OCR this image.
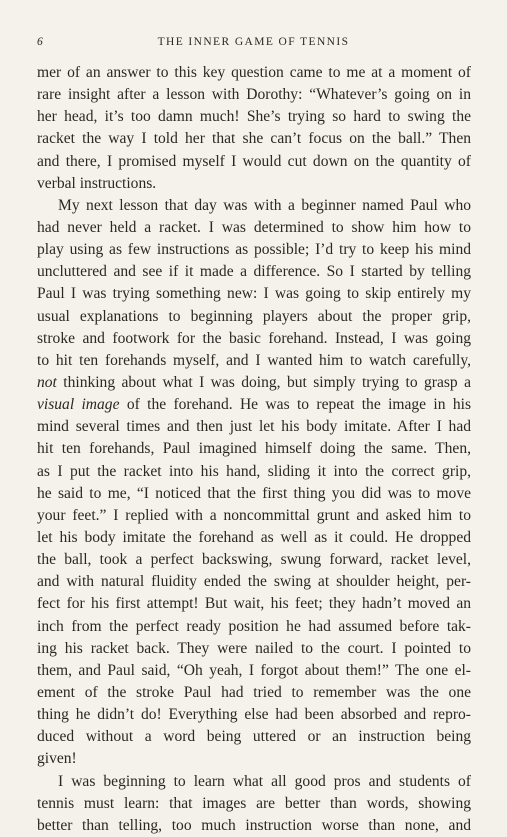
6	THE INNER GAME OF TENNIS
mer of an answer to this key question came to me at a moment of
rare insight after a lesson with Dorothy: “Whatever’s going on in
her head, it’s too damn much! She’s trying so hard to swing the
racket the way I told her that she can’t focus on the ball.” Then
and there, I promised myself I would cut down on the quantity of
verbal instructions.
My next lesson that day was with a beginner named Paul who
had never held a racket. I was determined to show him how to
play using as few instructions as possible; I’d try to keep his mind
uncluttered and see if it made a difference. So I started by telling
Paul I was trying something new: I was going to skip entirely my
usual explanations to beginning players about the proper grip,
stroke and footwork for the basic forehand. Instead, I was going
to hit ten forehands myself, and I wanted him to watch carefully,
not thinking about what I was doing, but simply trying to grasp a
visual image of the forehand. He was to repeat the image in his
mind several times and then just let his body imitate. After I had
hit ten forehands, Paul imagined himself doing the same. Then,
as I put the racket into his hand, sliding it into the correct grip,
he said to me, “I noticed that the first thing you did was to move
your feet.” I replied with a noncommittal grunt and asked him to
let his body imitate the forehand as well as it could. He dropped
the ball, took a perfect backswing, swung forward, racket level,
and with natural fluidity ended the swing at shoulder height, per-
fect for his first attempt! But wait, his feet; they hadn’t moved an
inch from the perfect ready position he had assumed before tak-
ing his racket back. They were nailed to the court. I pointed to
them, and Paul said, “Oh yeah, I forgot about them!” The one el-
ement of the stroke Paul had tried to remember was the one
thing he didn’t do! Everything else had been absorbed and repro-
duced without a word being uttered or an instruction being
given!
I was beginning to learn what all good pros and students of
tennis must learn: that images are better than words, showing
better than telling, too much instruction worse than none, and
